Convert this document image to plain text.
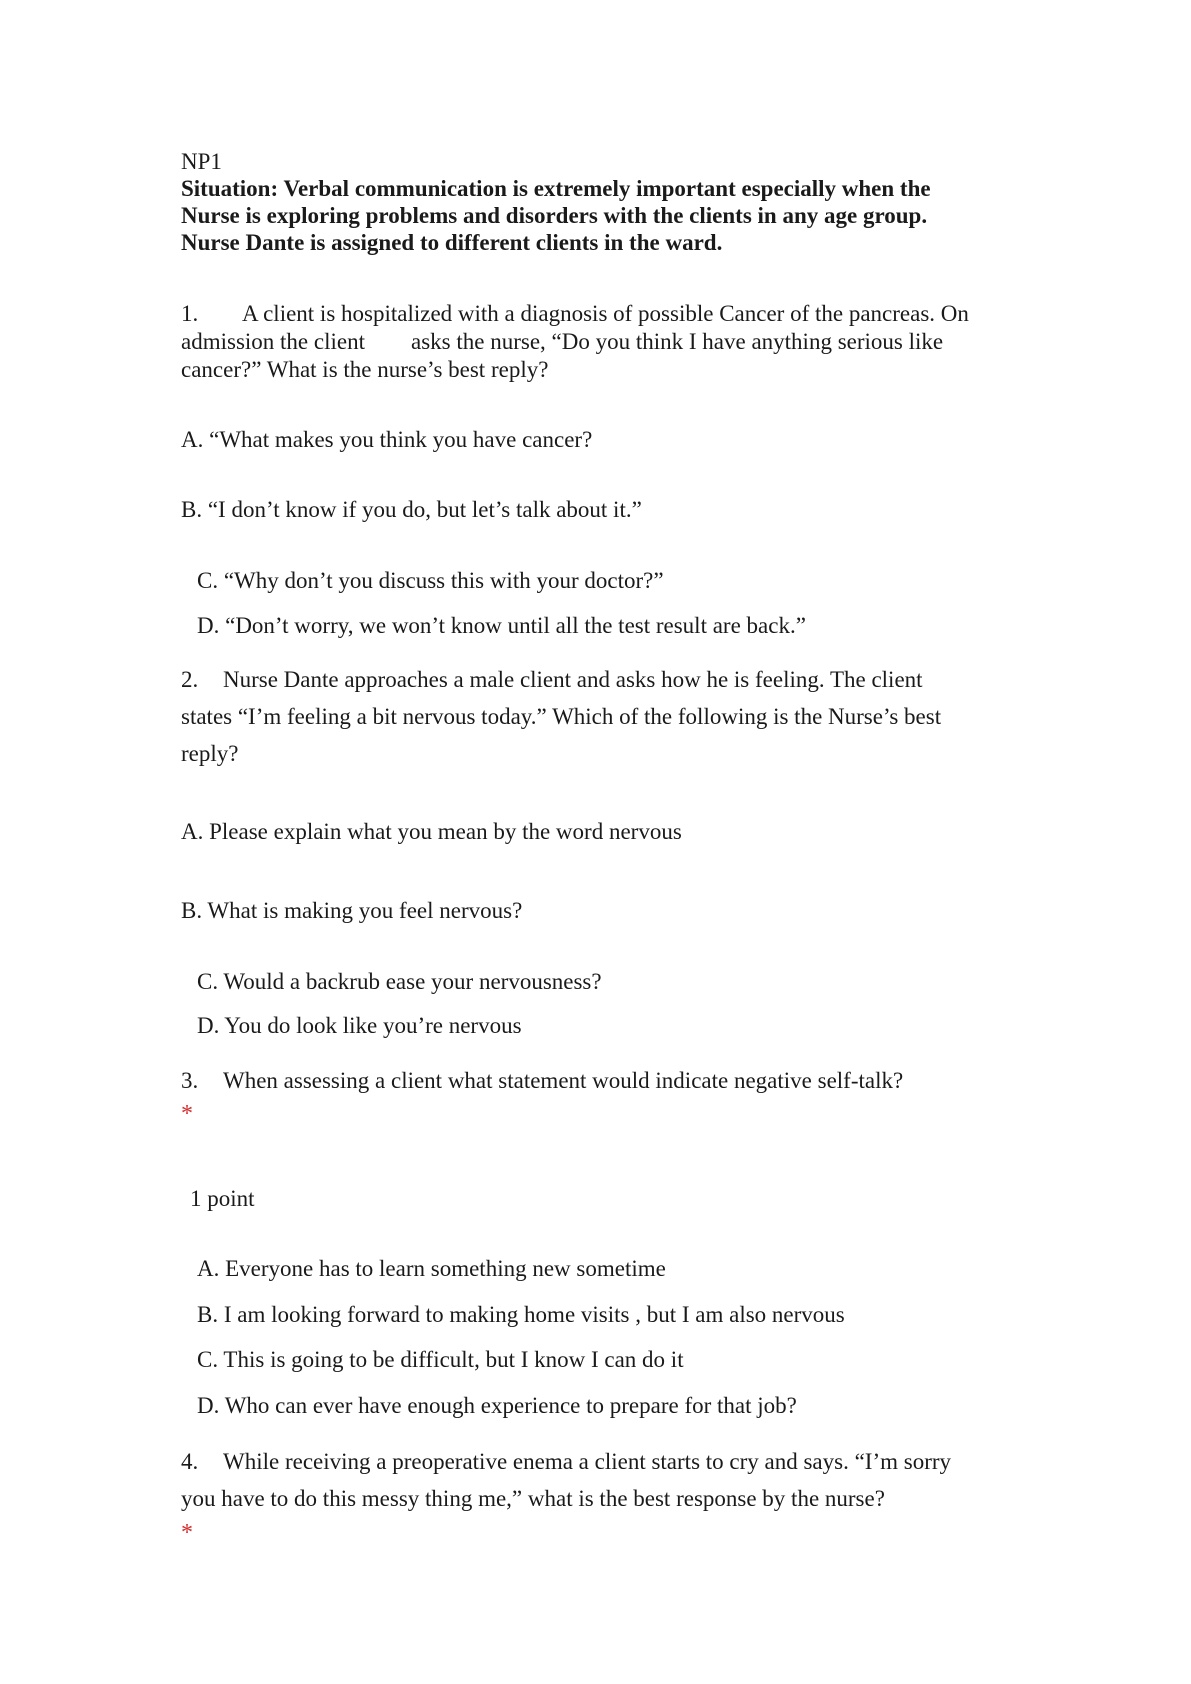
NP1
Situation: Verbal communication is extremely important especially when the
Nurse is exploring problems and disorders with the clients in any age group.
Nurse Dante is assigned to different clients in the ward.
1. A client is hospitalized with a diagnosis of possible Cancer of the pancreas. On
admission the client asks the nurse, “Do you think I have anything serious like
cancer?” What is the nurse’s best reply?
A. “What makes you think you have cancer?
B. “I don’t know if you do, but let’s talk about it.”
C. “Why don’t you discuss this with your doctor?”
D. “Don’t worry, we won’t know until all the test result are back.”
2. Nurse Dante approaches a male client and asks how he is feeling. The client
states “I’m feeling a bit nervous today.” Which of the following is the Nurse’s best
reply?
A. Please explain what you mean by the word nervous
B. What is making you feel nervous?
C. Would a backrub ease your nervousness?
D. You do look like you’re nervous
3. When assessing a client what statement would indicate negative self-talk?
*
1 point
A. Everyone has to learn something new sometime
B. I am looking forward to making home visits , but I am also nervous
C. This is going to be difficult, but I know I can do it
D. Who can ever have enough experience to prepare for that job?
4. While receiving a preoperative enema a client starts to cry and says. “I’m sorry
you have to do this messy thing me,” what is the best response by the nurse?
*
